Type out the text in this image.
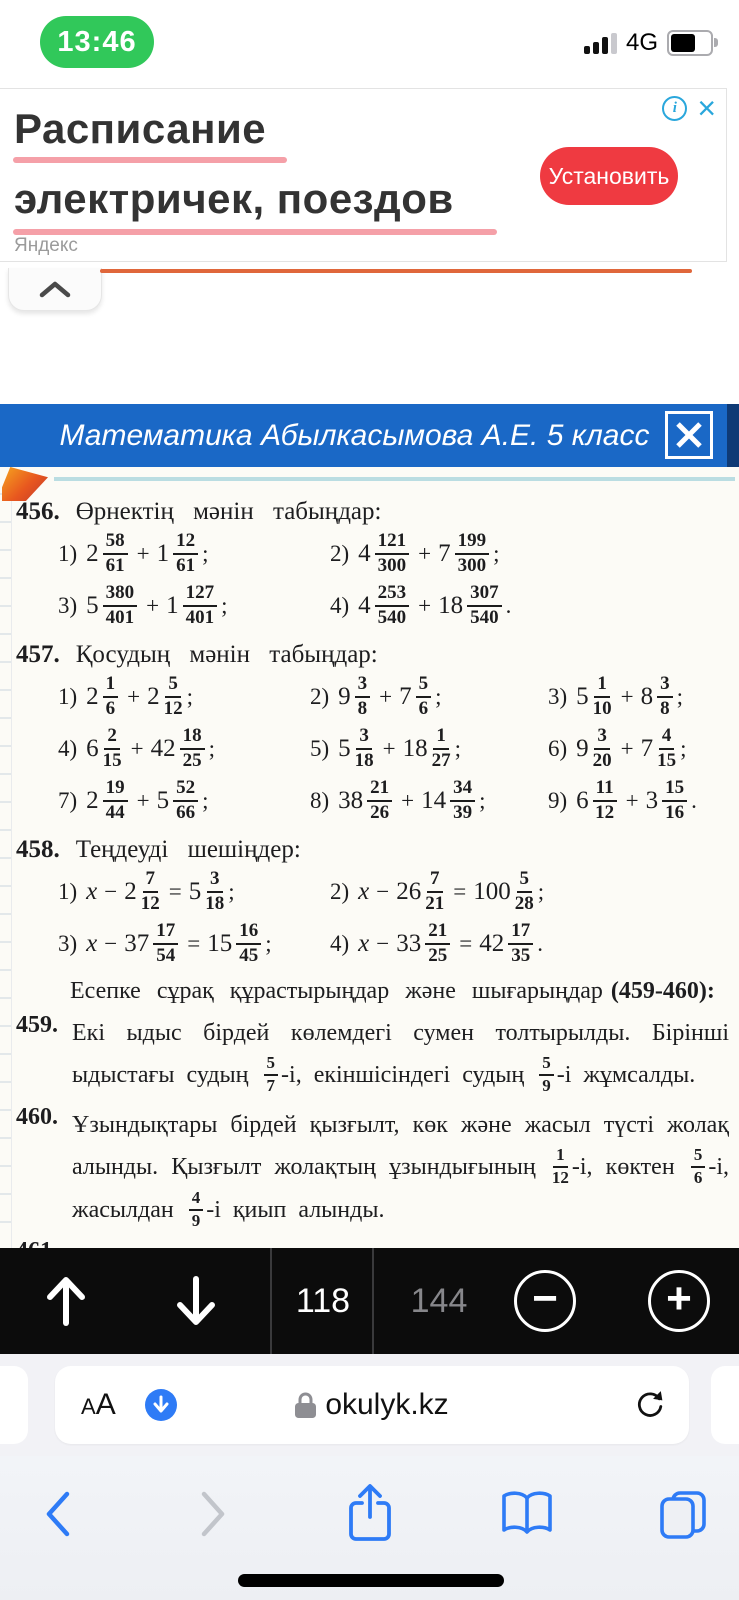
13:46	4G
i ×
Расписание
электричек, поездов
Яндекс
Установить
Математика Абылкасымова А.Е. 5 класс
456. Өрнектің мәнін табыңдар:
1) $2 \frac{58}{61} + 1 \frac{12}{61}$ ;	2) $4 \frac{121}{300} + 7 \frac{199}{300}$ ;
3) $5 \frac{380}{401} + 1 \frac{127}{401}$ ;	4) $4 \frac{253}{540} + 18 \frac{307}{540}$ .
457. Қосудың мәнін табыңдар:
1) $2 \frac{1}{6} + 2 \frac{5}{12}$ ;	2) $9 \frac{3}{8} + 7 \frac{5}{6}$ ;	3) $5 \frac{1}{10} + 8 \frac{3}{8}$ ;
4) $6 \frac{2}{15} + 42 \frac{18}{25}$ ;	5) $5 \frac{3}{18} + 18 \frac{1}{27}$ ;	6) $9 \frac{3}{20} + 7 \frac{4}{15}$ ;
7) $2 \frac{19}{44} + 5 \frac{52}{66}$ ;	8) $38 \frac{21}{26} + 14 \frac{34}{39}$ ;	9) $6 \frac{11}{12} + 3 \frac{15}{16}$ .
458. Теңдеуді шешіңдер:
1) $x - 2 \frac{7}{12} = 5 \frac{3}{18}$ ;	2) $x - 26 \frac{7}{21} = 100 \frac{5}{28}$ ;
3) $x - 37 \frac{17}{54} = 15 \frac{16}{45}$ ;	4) $x - 33 \frac{21}{25} = 42 \frac{17}{35}$ .
Есепке сұрақ құрастырыңдар және шығарыңдар (459-460):
459. Екі ыдыс бірдей көлемдегі сумен толтырылды. Бірінші ыдыстағы судың $\frac{5}{7} -і$, екіншісіндегі судың $\frac{5}{9} -і$ жұмсалды.
460. Ұзындықтары бірдей қызғылт, көк және жасыл түсті жолақ алынды. Қызғылт жолақтың ұзындығының $\frac{1}{12} -і$, көктен $\frac{5}{6} -і$, жасылдан $\frac{4}{9} -і$ қиып алынды.
118	144	− +
AA	okulyk.kz
